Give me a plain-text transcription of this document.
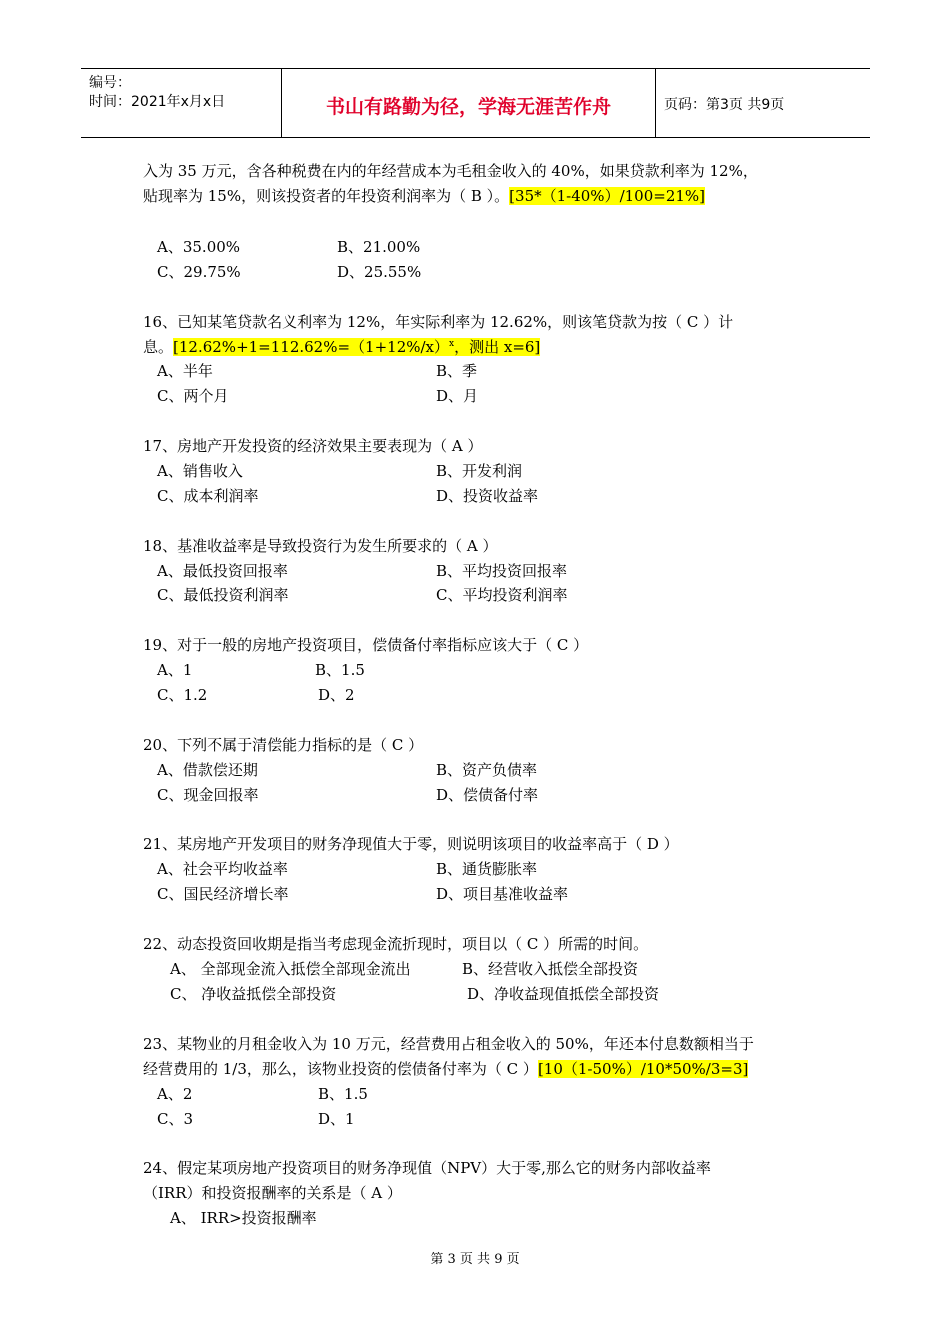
编号：
时间：2021年x月x日	书山有路勤为径，学海无涯苦作舟	页码：第3页 共9页
入为 35 万元，含各种税费在内的年经营成本为毛租金收入的 40%，如果贷款利率为 12%，
贴现率为 15%，则该投资者的年投资利润率为（ B ）。[35*（1-40%）/100=21%]
A、35.00%	B、21.00%
C、29.75%	D、25.55%
16、已知某笔贷款名义利率为 12%，年实际利率为 12.62%，则该笔贷款为按（ C ）计
息。[$12.62\%+1=112.62\%=(1+12\%/x)^x$，测出 x=6]
A、半年	B、季
C、两个月	D、月
17、房地产开发投资的经济效果主要表现为（ A ）
A、销售收入	B、开发利润
C、成本利润率	D、投资收益率
18、基准收益率是导致投资行为发生所要求的（ A ）
A、最低投资回报率	B、平均投资回报率
C、最低投资利润率	C、平均投资利润率
19、对于一般的房地产投资项目，偿债备付率指标应该大于（ C ）
A、1	B、1.5
C、1.2	D、2
20、下列不属于清偿能力指标的是（ C ）
A、借款偿还期	B、资产负债率
C、现金回报率	D、偿债备付率
21、某房地产开发项目的财务净现值大于零，则说明该项目的收益率高于（ D ）
A、社会平均收益率	B、通货膨胀率
C、国民经济增长率	D、项目基准收益率
22、动态投资回收期是指当考虑现金流折现时，项目以（ C ）所需的时间。
A、 全部现金流入抵偿全部现金流出	B、经营收入抵偿全部投资
C、 净收益抵偿全部投资	D、净收益现值抵偿全部投资
23、某物业的月租金收入为 10 万元，经营费用占租金收入的 50%，年还本付息数额相当于
经营费用的 1/3，那么，该物业投资的偿债备付率为（ C ）[10（1-50%）/10*50%/3=3]
A、2	B、1.5
C、3	D、1
24、假定某项房地产投资项目的财务净现值（NPV）大于零,那么它的财务内部收益率
（IRR）和投资报酬率的关系是（ A ）
A、 IRR>投资报酬率
第 3 页 共 9 页
